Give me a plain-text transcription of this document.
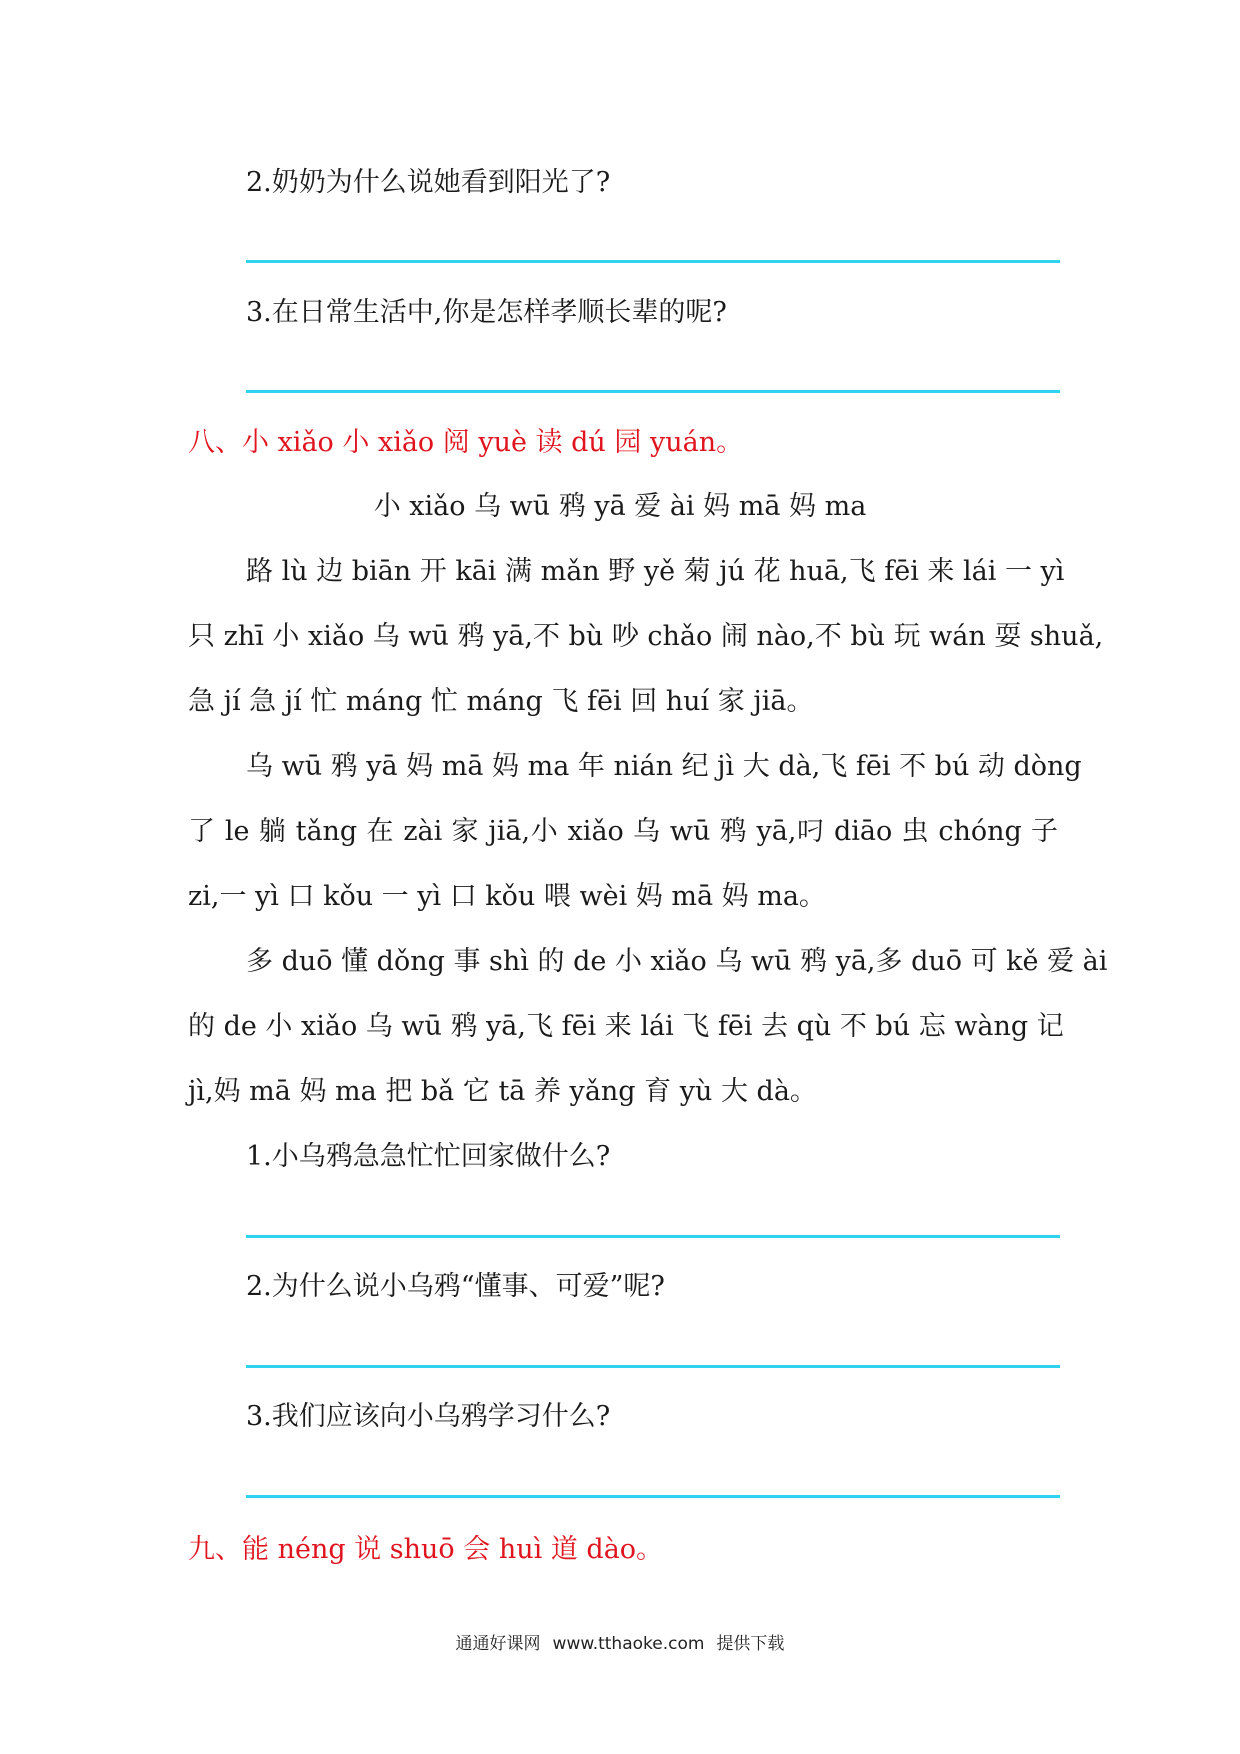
2.奶奶为什么说她看到阳光了?
3.在日常生活中,你是怎样孝顺长辈的呢?
八、小 xiǎo 小 xiǎo 阅 yuè 读 dú 园 yuán。
小 xiǎo 乌 wū 鸦 yā 爱 ài 妈 mā 妈 ma
路 lù 边 biān 开 kāi 满 mǎn 野 yě 菊 jú 花 huā,飞 fēi 来 lái 一 yì
只 zhī 小 xiǎo 乌 wū 鸦 yā,不 bù 吵 chǎo 闹 nào,不 bù 玩 wán 耍 shuǎ,
急 jí 急 jí 忙 máng 忙 máng 飞 fēi 回 huí 家 jiā。
乌 wū 鸦 yā 妈 mā 妈 ma 年 nián 纪 jì 大 dà,飞 fēi 不 bú 动 dòng
了 le 躺 tǎng 在 zài 家 jiā,小 xiǎo 乌 wū 鸦 yā,叼 diāo 虫 chóng 子
zi,一 yì 口 kǒu 一 yì 口 kǒu 喂 wèi 妈 mā 妈 ma。
多 duō 懂 dǒng 事 shì 的 de 小 xiǎo 乌 wū 鸦 yā,多 duō 可 kě 爱 ài
的 de 小 xiǎo 乌 wū 鸦 yā,飞 fēi 来 lái 飞 fēi 去 qù 不 bú 忘 wàng 记
jì,妈 mā 妈 ma 把 bǎ 它 tā 养 yǎng 育 yù 大 dà。
1.小乌鸦急急忙忙回家做什么?
2.为什么说小乌鸦“懂事、可爱”呢?
3.我们应该向小乌鸦学习什么?
九、能 néng 说 shuō 会 huì 道 dào。
通通好课网 www.tthaoke.com 提供下载
